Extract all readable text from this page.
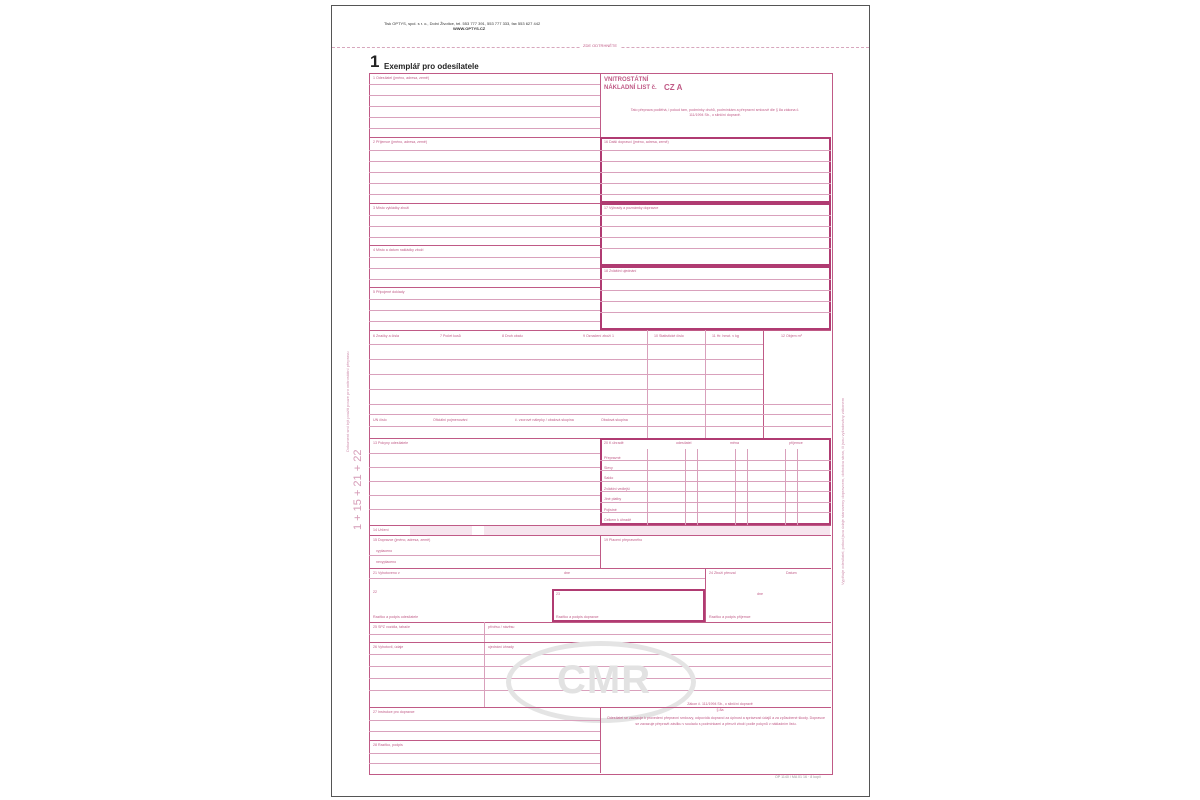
Tisk OPTYS, spol. s r. o., Dolní Životice, tel. 553 777 391, 553 777 333, fax 553 627 442
WWW.OPTYS.CZ
ZDE ODTRHNĚTE
1 Exemplář pro odesílatele
Dokument smí být použit pouze pro vnitrostátní přepravu
1 + 15 + 21 + 22	Vyplňuje odesílatel, pokud jsou údaje stanoveny dopravcem, dohodou stran, či jsou vyžadovány zákonem
1 Odesílatel (jméno, adresa, země)	VNITROSTÁTNÍ
NÁKLADNÍ LIST č. CZ A
Tato přeprava podléhá, i pokud tam, podmínky druhů, podmínkám a přepravní smlouvě dle § 8a zákona č. 111/1994 Sb., o silniční dopravě.
2 Příjemce (jméno, adresa, země)
3 Místo vykládky zboží
4 Místo a datum nakládky zboží
5 Připojené doklady
16 Další dopravci (jméno, adresa, země)
17 Výhrady a poznámky dopravce
18 Zvláštní ujednání
6 Značky a čísla	7 Počet kusů	8 Druh obalu	9 Označení zboží 1	10 Statistické číslo	11 Hr. hmot. v kg	12 Objem m³
UN číslo	Oficiální pojmenování	č. vzorové nálepky / obalová skupina	Obalová skupina
13 Pokyny odesílatele	20 K úhradě	odesílatel	měna	příjemce
Přepravné
Slevy
Saldo
Zvláštní vedlejší
Jiné platby
Pojistné
Celkem k úhradě
14 Určení
15 Dopravce (jméno, adresa, země)	19 Placení přepravného
vyplaceno
nevyplaceno
21 Vyhotoveno v	dne	24 Zboží převzal	Datum
22	23	dne
Razítko a podpis odesílatele	Razítko a podpis dopravce	Razítko a podpis příjemce
25 SPZ vozidla, tahače	přívěsu / návěsu
26 Vyhotovil, údaje	ujednání úhrady
CMR
27 Instrukce pro dopravce
28 Razítko, podpis
Zákon č. 111/1994 Sb., o silniční dopravě
§ 8a
Odesílatel se zavazuje k provedení přepravní smlouvy, odpovídá dopravci za úplnost a správnost údajů a za způsobené škody. Dopravce se zavazuje přepravit zásilku v souladu s podmínkami a převzít zboží podle pokynů v nákladním listu.
OP 1140 / MA 01 16 · 8 kopií
